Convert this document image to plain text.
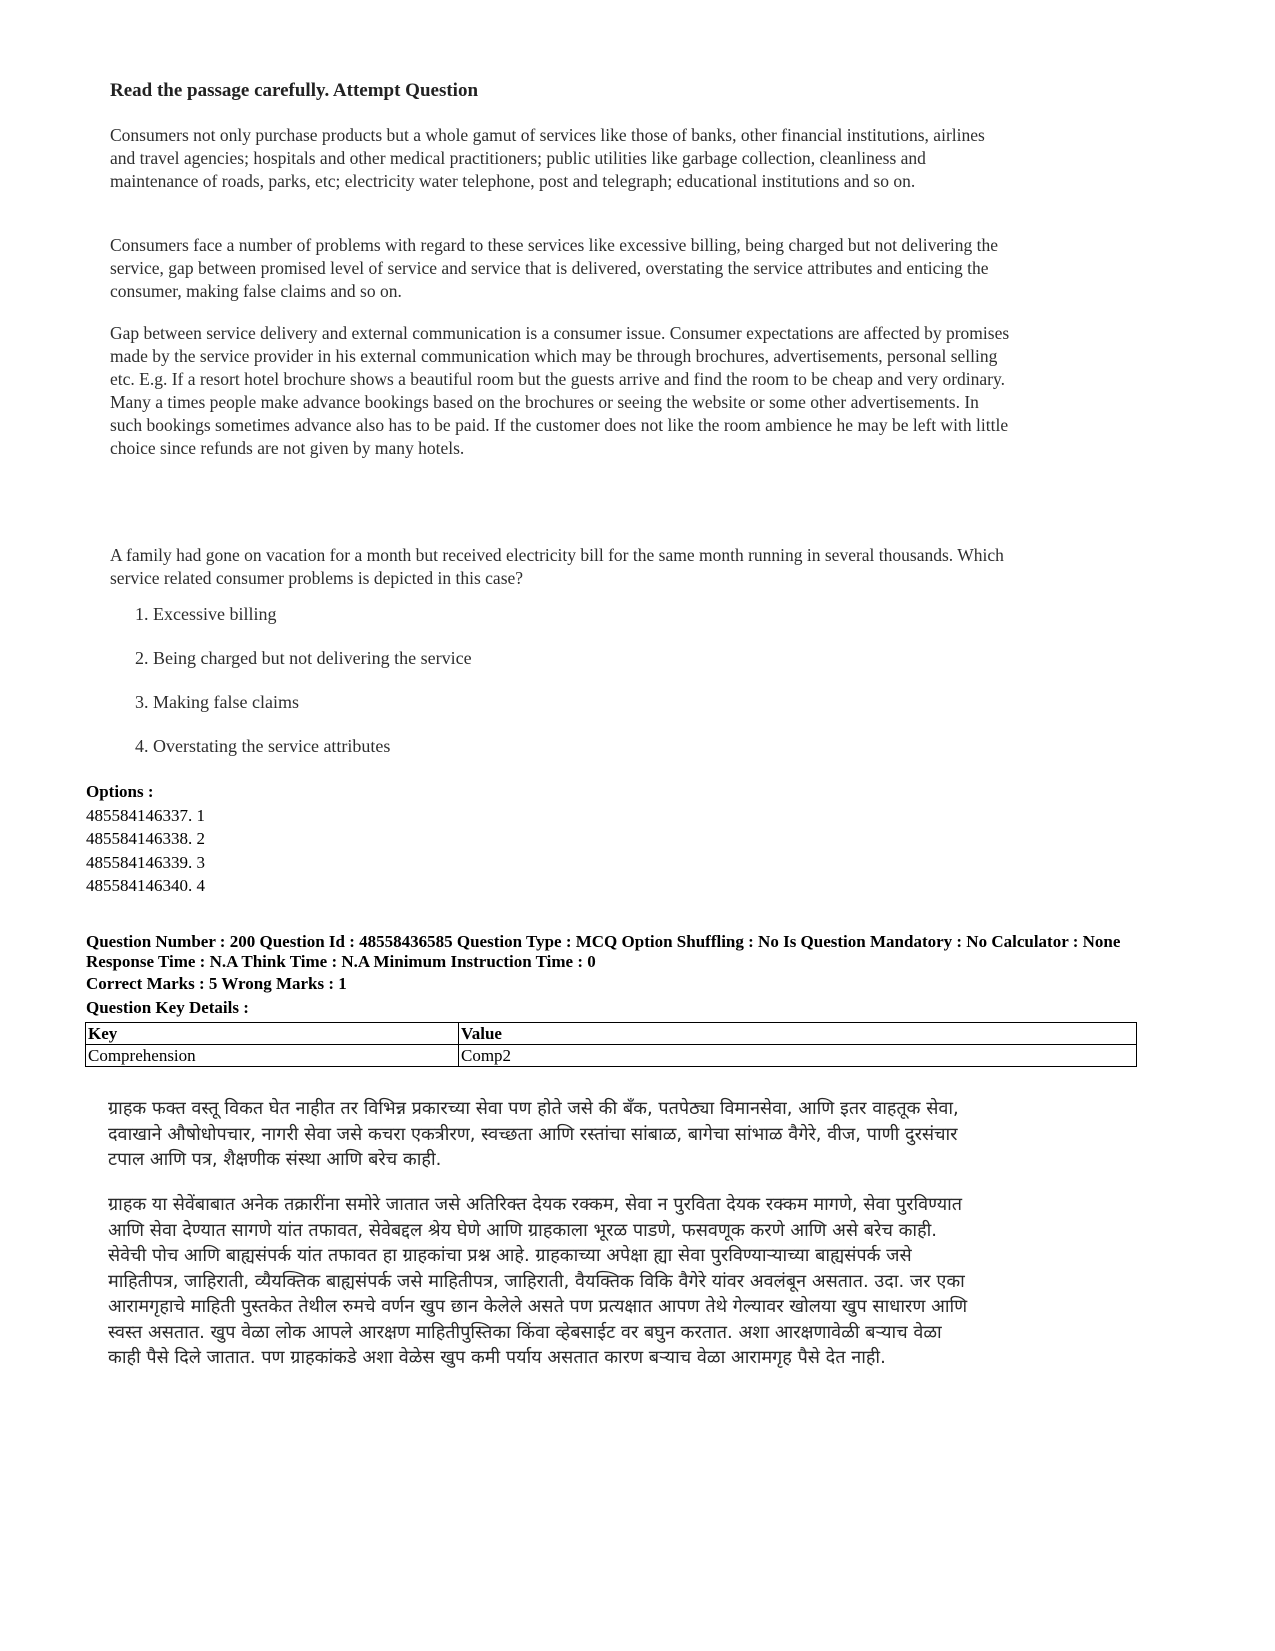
Read the passage carefully. Attempt Question
Consumers not only purchase products but a whole gamut of services like those of banks, other financial institutions, airlines and travel agencies; hospitals and other medical practitioners; public utilities like garbage collection, cleanliness and maintenance of roads, parks, etc; electricity water telephone, post and telegraph; educational institutions and so on.
Consumers face a number of problems with regard to these services like excessive billing, being charged but not delivering the service, gap between promised level of service and service that is delivered, overstating the service attributes and enticing the consumer, making false claims and so on.
Gap between service delivery and external communication is a consumer issue. Consumer expectations are affected by promises made by the service provider in his external communication which may be through brochures, advertisements, personal selling etc. E.g. If a resort hotel brochure shows a beautiful room but the guests arrive and find the room to be cheap and very ordinary. Many a times people make advance bookings based on the brochures or seeing the website or some other advertisements. In such bookings sometimes advance also has to be paid. If the customer does not like the room ambience he may be left with little choice since refunds are not given by many hotels.
A family had gone on vacation for a month but received electricity bill for the same month running in several thousands. Which service related consumer problems is depicted in this case?
1. Excessive billing
2. Being charged but not delivering the service
3. Making false claims
4. Overstating the service attributes
Options :
485584146337. 1
485584146338. 2
485584146339. 3
485584146340. 4
Question Number : 200 Question Id : 48558436585 Question Type : MCQ Option Shuffling : No Is Question Mandatory : No Calculator : None Response Time : N.A Think Time : N.A Minimum Instruction Time : 0
Correct Marks : 5 Wrong Marks : 1
Question Key Details :
Key	Value
Comprehension	Comp2
ग्राहक फक्त वस्तू विकत घेत नाहीत तर विभिन्न प्रकारच्या सेवा पण होते जसे की बँक, पतपेठ्या विमानसेवा, आणि इतर वाहतूक सेवा, दवाखाने औषोधोपचार, नागरी सेवा जसे कचरा एकत्रीरण, स्वच्छता आणि रस्तांचा सांबाळ, बागेचा सांभाळ वैगेरे, वीज, पाणी दुरसंचार टपाल आणि पत्र, शैक्षणीक संस्था आणि बरेच काही.
ग्राहक या सेवेंबाबात अनेक तक्रारींना समोरे जातात जसे अतिरिक्त देयक रक्कम, सेवा न पुरविता देयक रक्कम मागणे, सेवा पुरविण्यात आणि सेवा देण्यात सागणे यांत तफावत, सेवेबद्दल श्रेय घेणे आणि ग्राहकाला भूरळ पाडणे, फसवणूक करणे आणि असे बरेच काही. सेवेची पोच आणि बाह्यसंपर्क यांत तफावत हा ग्राहकांचा प्रश्न आहे. ग्राहकाच्या अपेक्षा ह्या सेवा पुरविण्याऱ्याच्या बाह्यसंपर्क जसे माहितीपत्र, जाहिराती, व्यैयक्तिक बाह्यसंपर्क जसे माहितीपत्र, जाहिराती, वैयक्तिक विकि वैगेरे यांवर अवलंबून असतात. उदा. जर एका आरामगृहाचे माहिती पुस्तकेत तेथील रुमचे वर्णन खुप छान केलेले असते पण प्रत्यक्षात आपण तेथे गेल्यावर खोलया खुप साधारण आणि स्वस्त असतात. खुप वेळा लोक आपले आरक्षण माहितीपुस्तिका किंवा व्हेबसाईट वर बघुन करतात. अशा आरक्षणावेळी बऱ्याच वेळा काही पैसे दिले जातात. पण ग्राहकांकडे अशा वेळेस खुप कमी पर्याय असतात कारण बऱ्याच वेळा आरामगृह पैसे देत नाही.
